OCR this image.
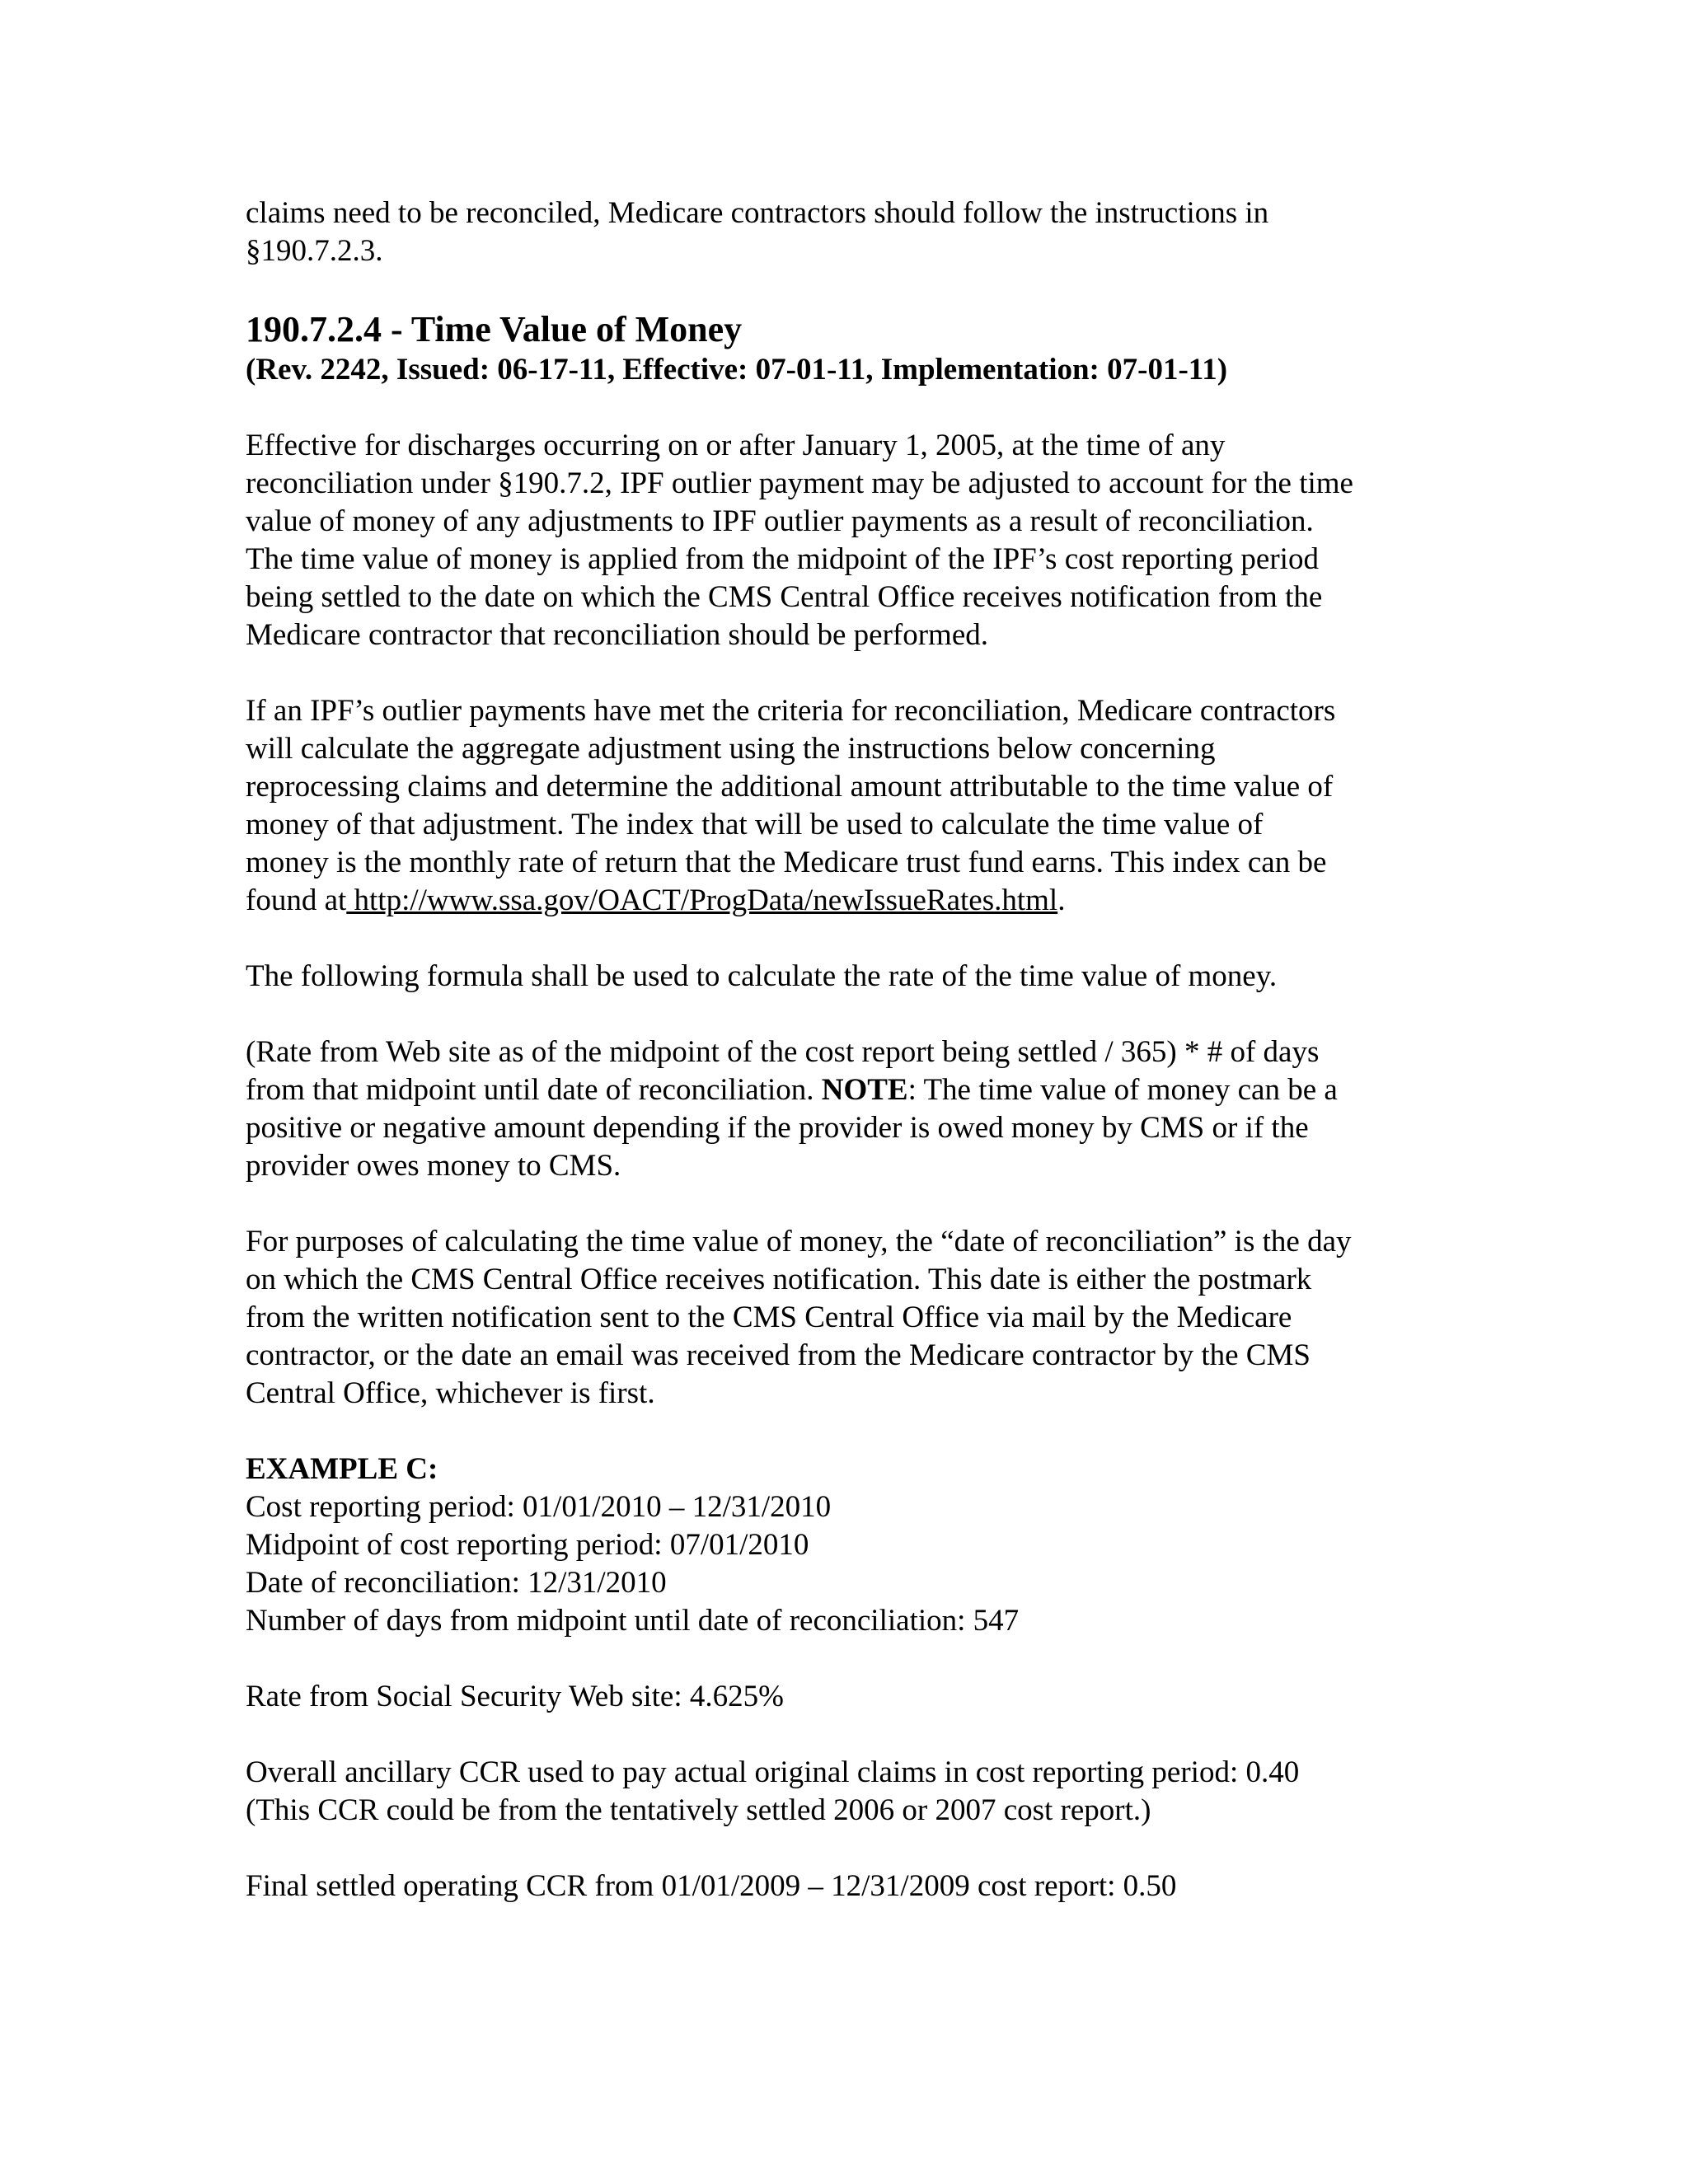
claims need to be reconciled, Medicare contractors should follow the instructions in
§190.7.2.3.

190.7.2.4 - Time Value of Money
(Rev. 2242, Issued: 06-17-11, Effective: 07-01-11, Implementation: 07-01-11)

Effective for discharges occurring on or after January 1, 2005, at the time of any
reconciliation under §190.7.2, IPF outlier payment may be adjusted to account for the time
value of money of any adjustments to IPF outlier payments as a result of reconciliation.
The time value of money is applied from the midpoint of the IPF’s cost reporting period
being settled to the date on which the CMS Central Office receives notification from the
Medicare contractor that reconciliation should be performed.

If an IPF’s outlier payments have met the criteria for reconciliation, Medicare contractors
will calculate the aggregate adjustment using the instructions below concerning
reprocessing claims and determine the additional amount attributable to the time value of
money of that adjustment. The index that will be used to calculate the time value of
money is the monthly rate of return that the Medicare trust fund earns. This index can be
found at http://www.ssa.gov/OACT/ProgData/newIssueRates.html.

The following formula shall be used to calculate the rate of the time value of money.

(Rate from Web site as of the midpoint of the cost report being settled / 365) * # of days
from that midpoint until date of reconciliation. NOTE: The time value of money can be a
positive or negative amount depending if the provider is owed money by CMS or if the
provider owes money to CMS.

For purposes of calculating the time value of money, the “date of reconciliation” is the day
on which the CMS Central Office receives notification. This date is either the postmark
from the written notification sent to the CMS Central Office via mail by the Medicare
contractor, or the date an email was received from the Medicare contractor by the CMS
Central Office, whichever is first.

EXAMPLE C:
Cost reporting period: 01/01/2010 – 12/31/2010
Midpoint of cost reporting period: 07/01/2010
Date of reconciliation: 12/31/2010
Number of days from midpoint until date of reconciliation: 547

Rate from Social Security Web site: 4.625%

Overall ancillary CCR used to pay actual original claims in cost reporting period: 0.40
(This CCR could be from the tentatively settled 2006 or 2007 cost report.)

Final settled operating CCR from 01/01/2009 – 12/31/2009 cost report: 0.50
